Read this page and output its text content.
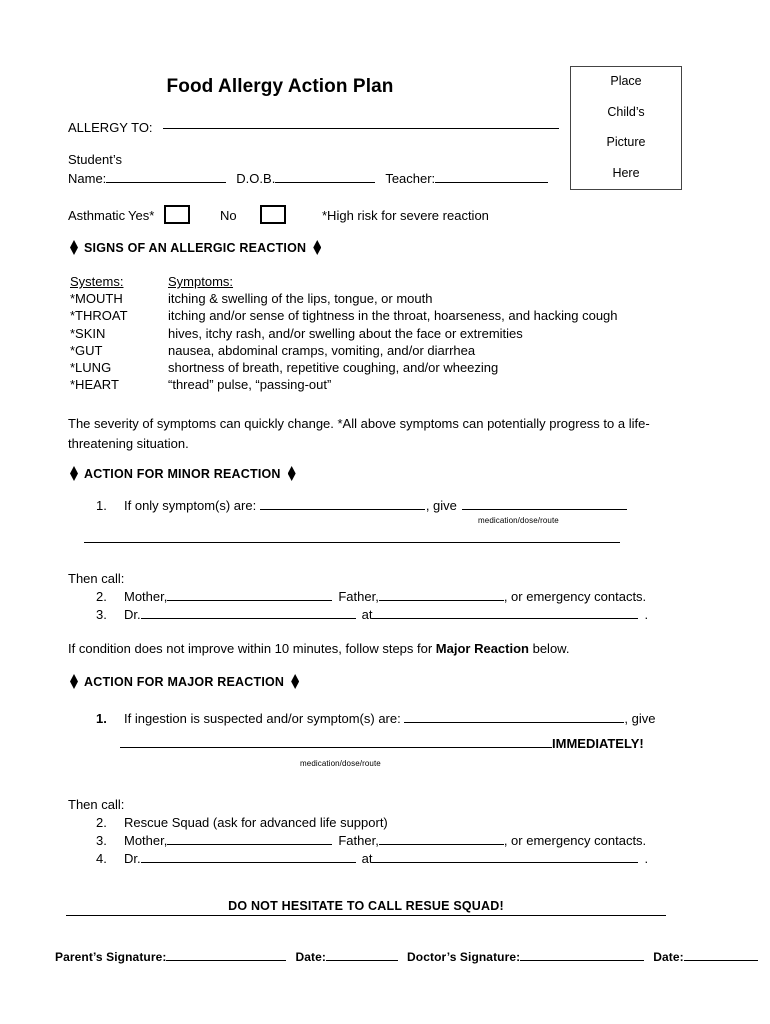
Food Allergy Action Plan	Place
Child’s
Picture
Here
ALLERGY TO:
Student’s
Name:	D.O.B.	Teacher:
Asthmatic Yes*	No	*High risk for severe reaction
SIGNS OF AN ALLERGIC REACTION
Systems:	Symptoms:
*MOUTH	itching & swelling of the lips, tongue, or mouth
*THROAT	itching and/or sense of tightness in the throat, hoarseness, and hacking cough
*SKIN	hives, itchy rash, and/or swelling about the face or extremities
*GUT	nausea, abdominal cramps, vomiting, and/or diarrhea
*LUNG	shortness of breath, repetitive coughing, and/or wheezing
*HEART	“thread” pulse, “passing-out”
The severity of symptoms can quickly change. *All above symptoms can potentially progress to a life-threatening situation.
ACTION FOR MINOR REACTION
1. If only symptom(s) are:	, give
medication/dose/route
Then call:
2. Mother,	Father,	, or emergency contacts.
3. Dr.	at	.
If condition does not improve within 10 minutes, follow steps for Major Reaction below.
ACTION FOR MAJOR REACTION
1. If ingestion is suspected and/or symptom(s) are:	, give
IMMEDIATELY!
medication/dose/route
Then call:
2. Rescue Squad (ask for advanced life support)
3. Mother,	Father,	, or emergency contacts.
4. Dr.	at	.
DO NOT HESITATE TO CALL RESUE SQUAD!
Parent’s Signature:	Date:	Doctor’s Signature:	Date:
